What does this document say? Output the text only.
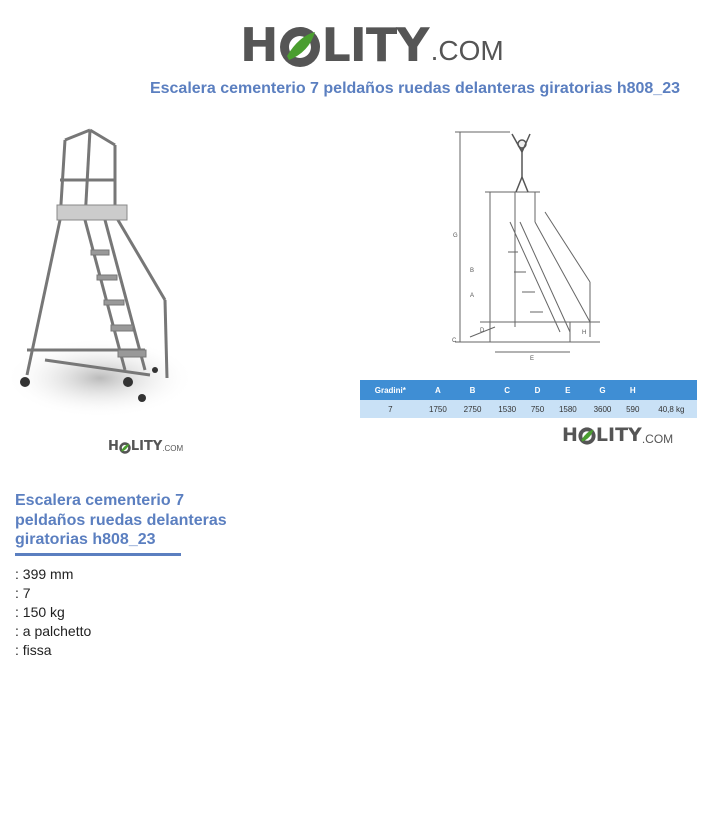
H LITY .COM
Escalera cementerio 7 peldaños ruedas delanteras giratorias h808_23
H LITY .COM
G
B
A
C
D
E
H
Gradini*	A	B	C	D	E	G	H	
7	1750	2750	1530	750	1580	3600	590	40,8 kg
H LITY .COM
Escalera cementerio 7 peldaños ruedas delanteras giratorias h808_23
: 399 mm
: 7
: 150 kg
: a palchetto
: fissa
